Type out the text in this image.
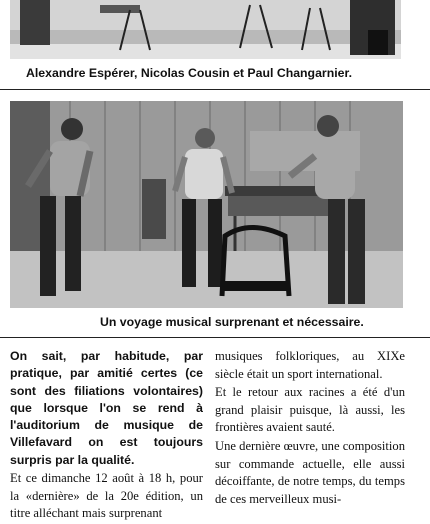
Alexandre Espérer, Nicolas Cousin et Paul Changarnier.
Un voyage musical surprenant et nécessaire.

On sait, par habitude, par pratique, par amitié certes (ce sont des filiations volontaires) que lorsque l'on se rend à l'auditorium de musique de Villefavard on est toujours surpris par la qualité.

Et ce dimanche 12 août à 18 h, pour la «dernière» de la 20e édition, un titre alléchant mais surprenant

musiques folkloriques, au XIXe siècle était un sport international.

Et le retour aux racines a été d'un grand plaisir puisque, là aussi, les frontières avaient sauté.

Une dernière œuvre, une composition sur commande actuelle, elle aussi décoiffante, de notre temps, du temps de ces merveilleux musi-
